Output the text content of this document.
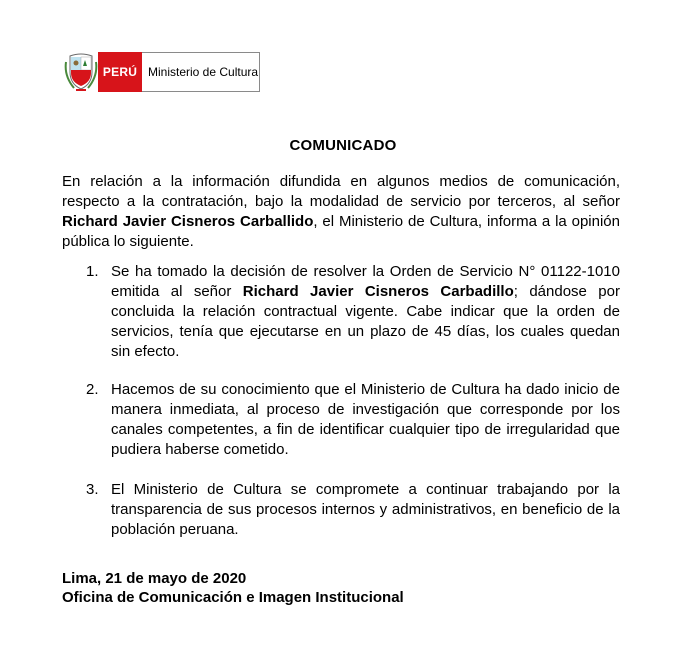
PERÚ Ministerio de Cultura
COMUNICADO
En relación a la información difundida en algunos medios de comunicación, respecto a la contratación, bajo la modalidad de servicio por terceros, al señor Richard Javier Cisneros Carballido, el Ministerio de Cultura, informa a la opinión pública lo siguiente.
1. Se ha tomado la decisión de resolver la Orden de Servicio N° 01122-1010 emitida al señor Richard Javier Cisneros Carbadillo; dándose por concluida la relación contractual vigente. Cabe indicar que la orden de servicios, tenía que ejecutarse en un plazo de 45 días, los cuales quedan sin efecto.
2. Hacemos de su conocimiento que el Ministerio de Cultura ha dado inicio de manera inmediata, al proceso de investigación que corresponde por los canales competentes, a fin de identificar cualquier tipo de irregularidad que pudiera haberse cometido.
3. El Ministerio de Cultura se compromete a continuar trabajando por la transparencia de sus procesos internos y administrativos, en beneficio de la población peruana.
Lima, 21 de mayo de 2020
Oficina de Comunicación e Imagen Institucional
